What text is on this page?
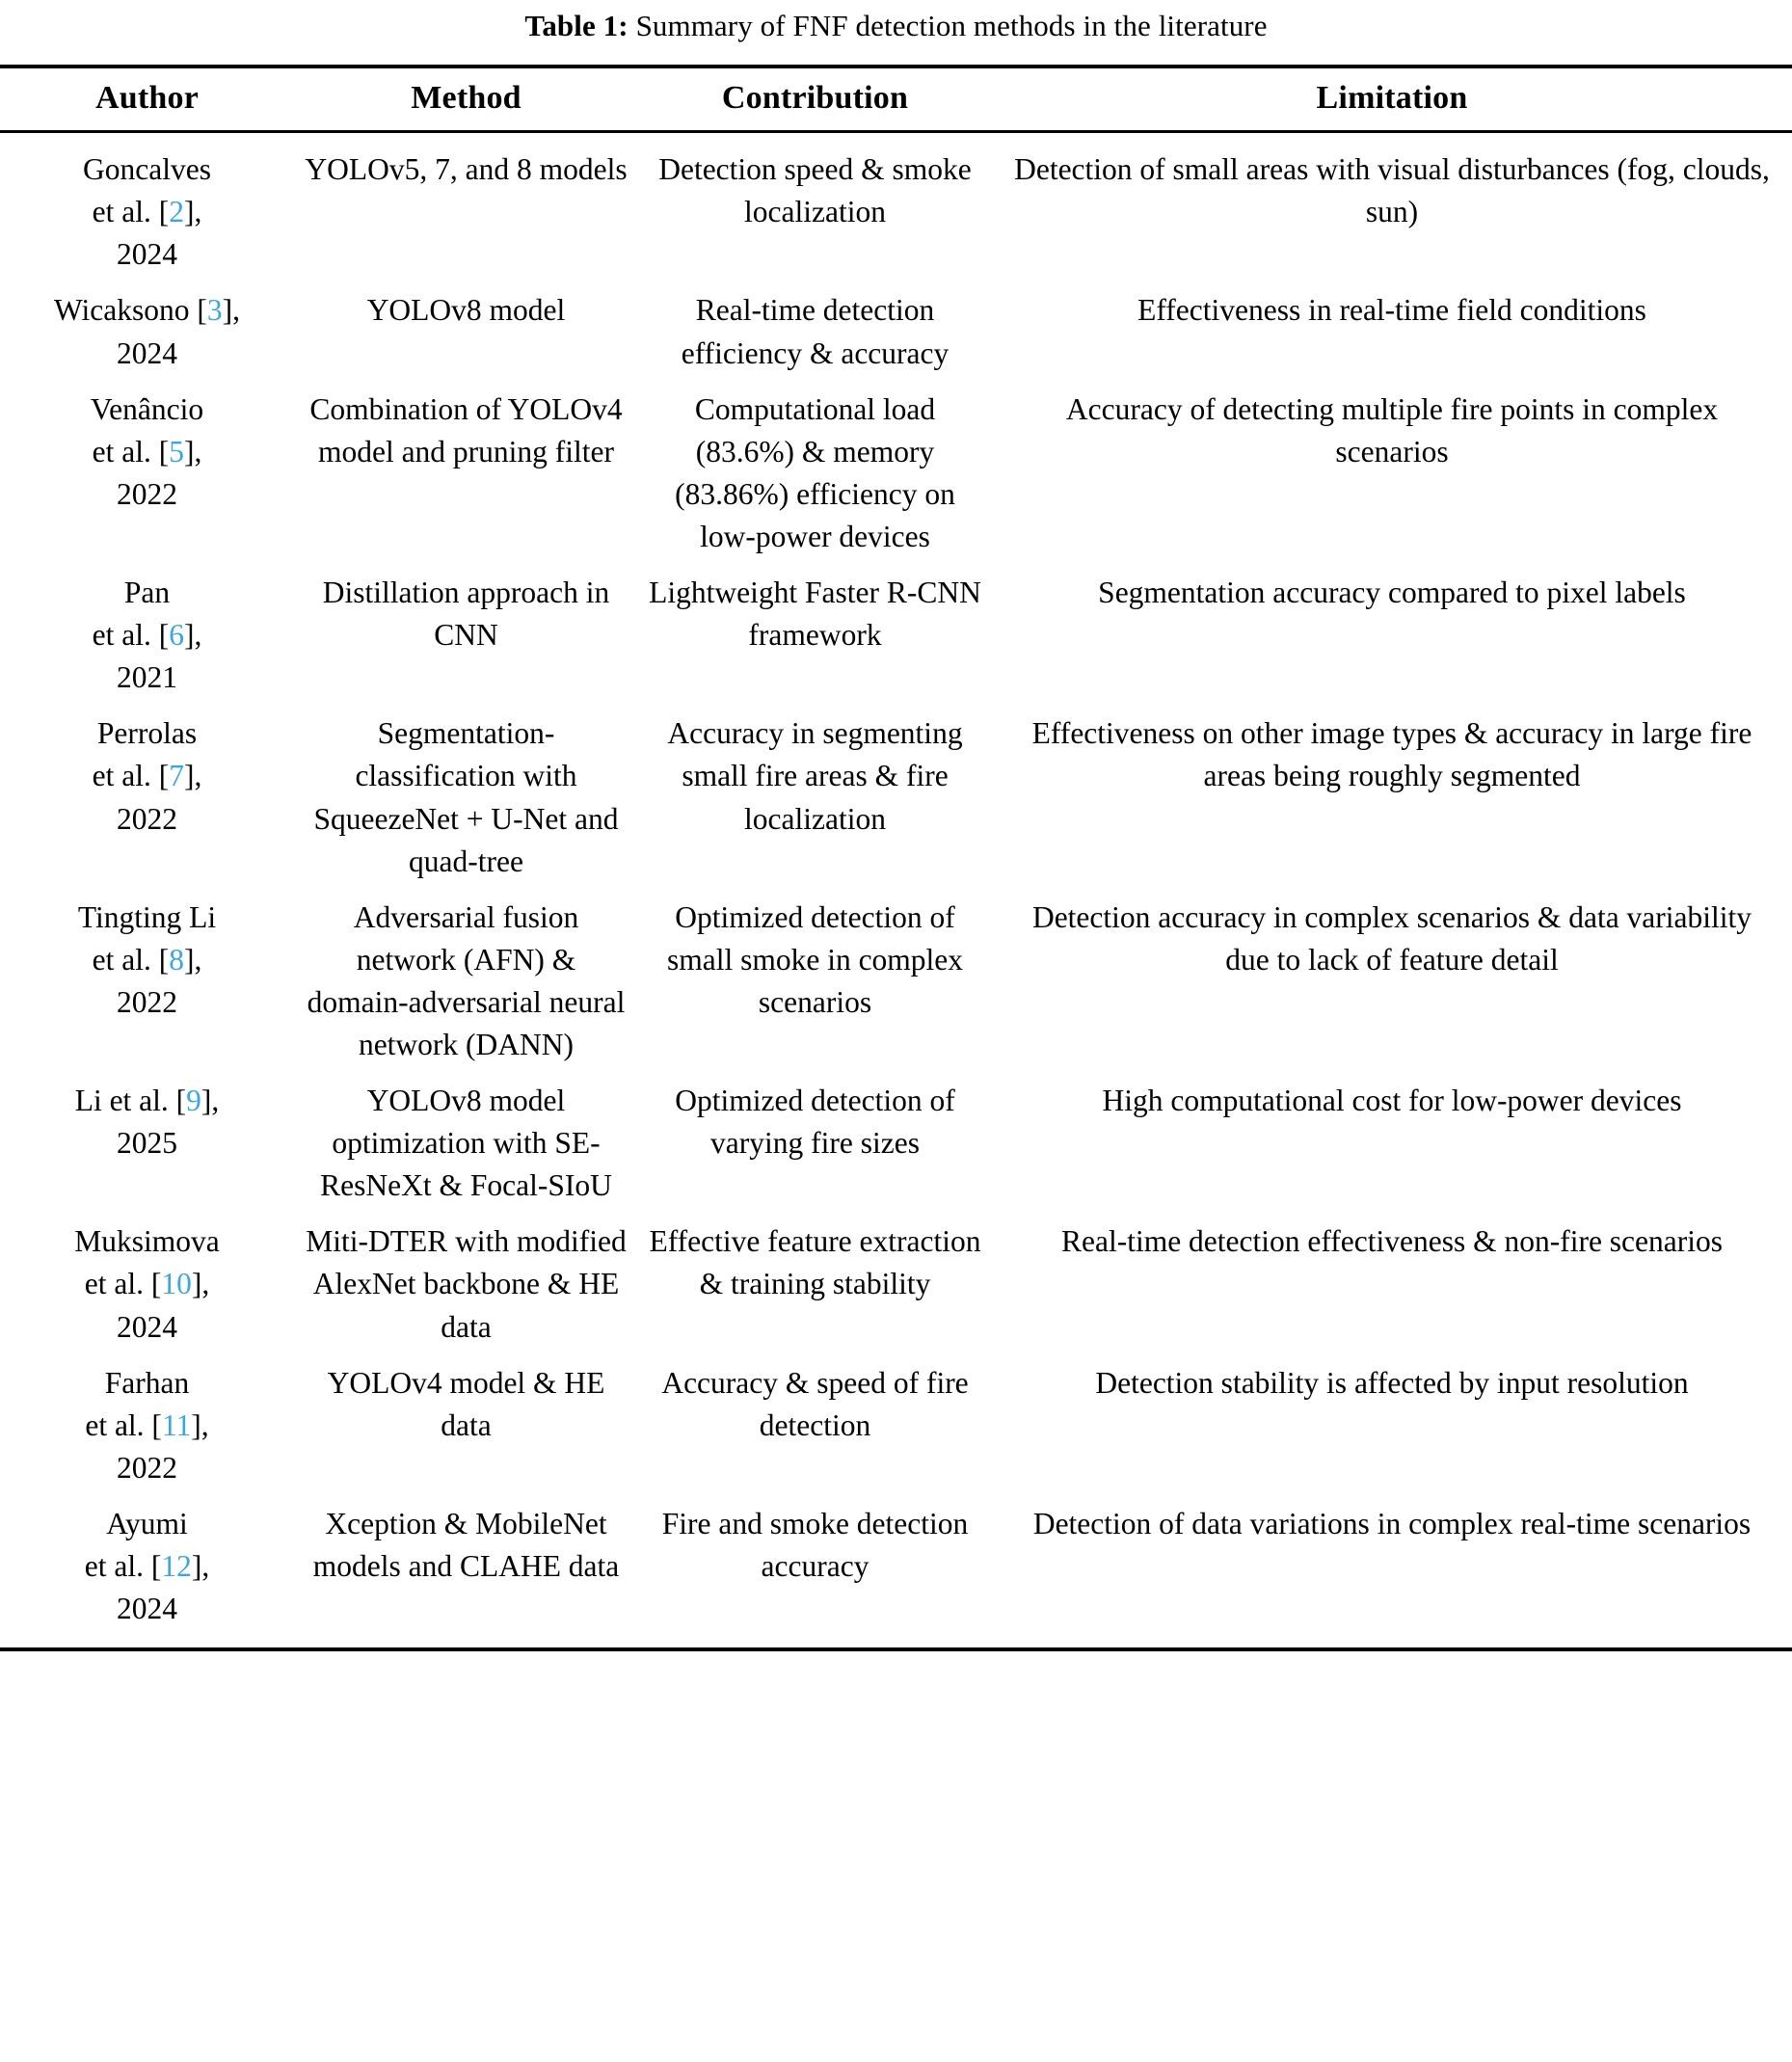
Table 1: Summary of FNF detection methods in the literature
Author	Method	Contribution	Limitation

Goncalves
et al. [2],
2024	YOLOv5, 7, and 8 models	Detection speed & smoke localization	Detection of small areas with visual disturbances (fog, clouds, sun)

Wicaksono [3],
2024	YOLOv8 model	Real-time detection efficiency & accuracy	Effectiveness in real-time field conditions

Venâncio
et al. [5],
2022	Combination of YOLOv4 model and pruning filter	Computational load (83.6%) & memory (83.86%) efficiency on low-power devices	Accuracy of detecting multiple fire points in complex scenarios

Pan
et al. [6],
2021	Distillation approach in CNN	Lightweight Faster R-CNN framework	Segmentation accuracy compared to pixel labels

Perrolas
et al. [7],
2022	Segmentation-classification with SqueezeNet + U-Net and quad-tree	Accuracy in segmenting small fire areas & fire localization	Effectiveness on other image types & accuracy in large fire areas being roughly segmented

Tingting Li
et al. [8],
2022	Adversarial fusion network (AFN) & domain-adversarial neural network (DANN)	Optimized detection of small smoke in complex scenarios	Detection accuracy in complex scenarios & data variability due to lack of feature detail

Li et al. [9],
2025	YOLOv8 model optimization with SE-ResNeXt & Focal-SIoU	Optimized detection of varying fire sizes	High computational cost for low-power devices

Muksimova
et al. [10],
2024	Miti-DTER with modified AlexNet backbone & HE data	Effective feature extraction & training stability	Real-time detection effectiveness & non-fire scenarios

Farhan
et al. [11],
2022	YOLOv4 model & HE data	Accuracy & speed of fire detection	Detection stability is affected by input resolution

Ayumi
et al. [12],
2024	Xception & MobileNet models and CLAHE data	Fire and smoke detection accuracy	Detection of data variations in complex real-time scenarios
